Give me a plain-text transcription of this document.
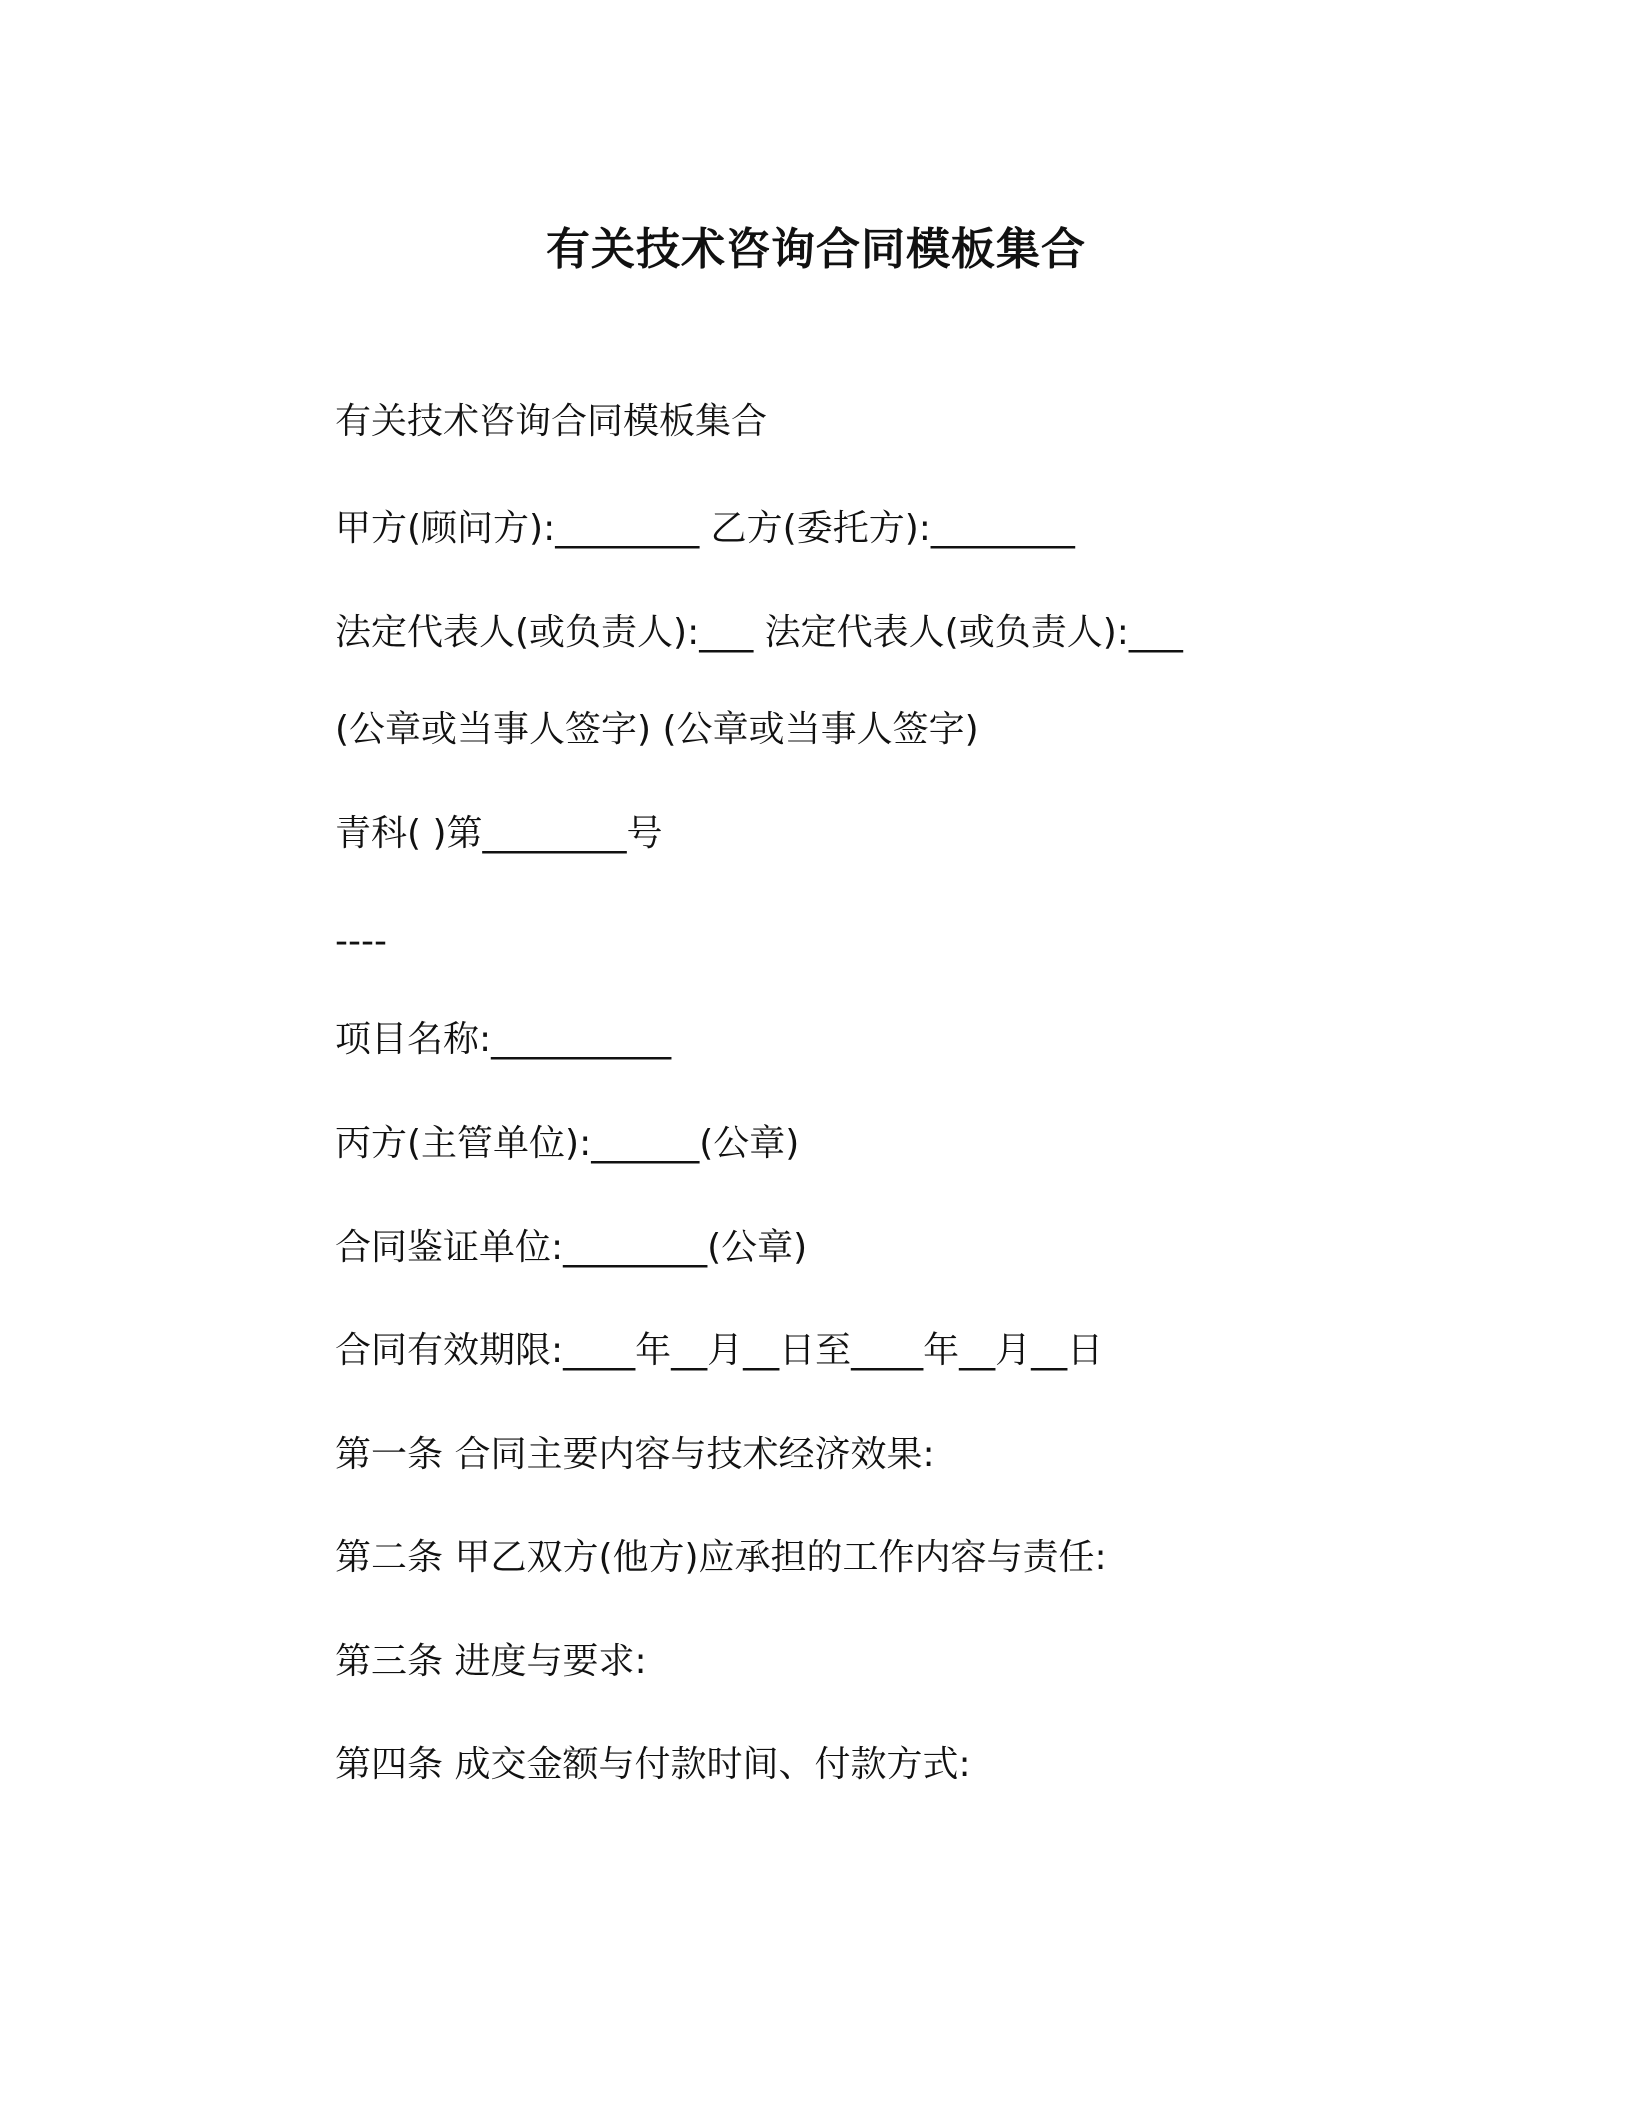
有关技术咨询合同模板集合
有关技术咨询合同模板集合
甲方(顾问方):________ 乙方(委托方):________
法定代表人(或负责人):___ 法定代表人(或负责人):___
(公章或当事人签字) (公章或当事人签字)
青科( )第________号
----
项目名称:__________
丙方(主管单位):______(公章)
合同鉴证单位:________(公章)
合同有效期限:____年__月__日至____年__月__日
第一条 合同主要内容与技术经济效果:
第二条 甲乙双方(他方)应承担的工作内容与责任:
第三条 进度与要求:
第四条 成交金额与付款时间、付款方式:
